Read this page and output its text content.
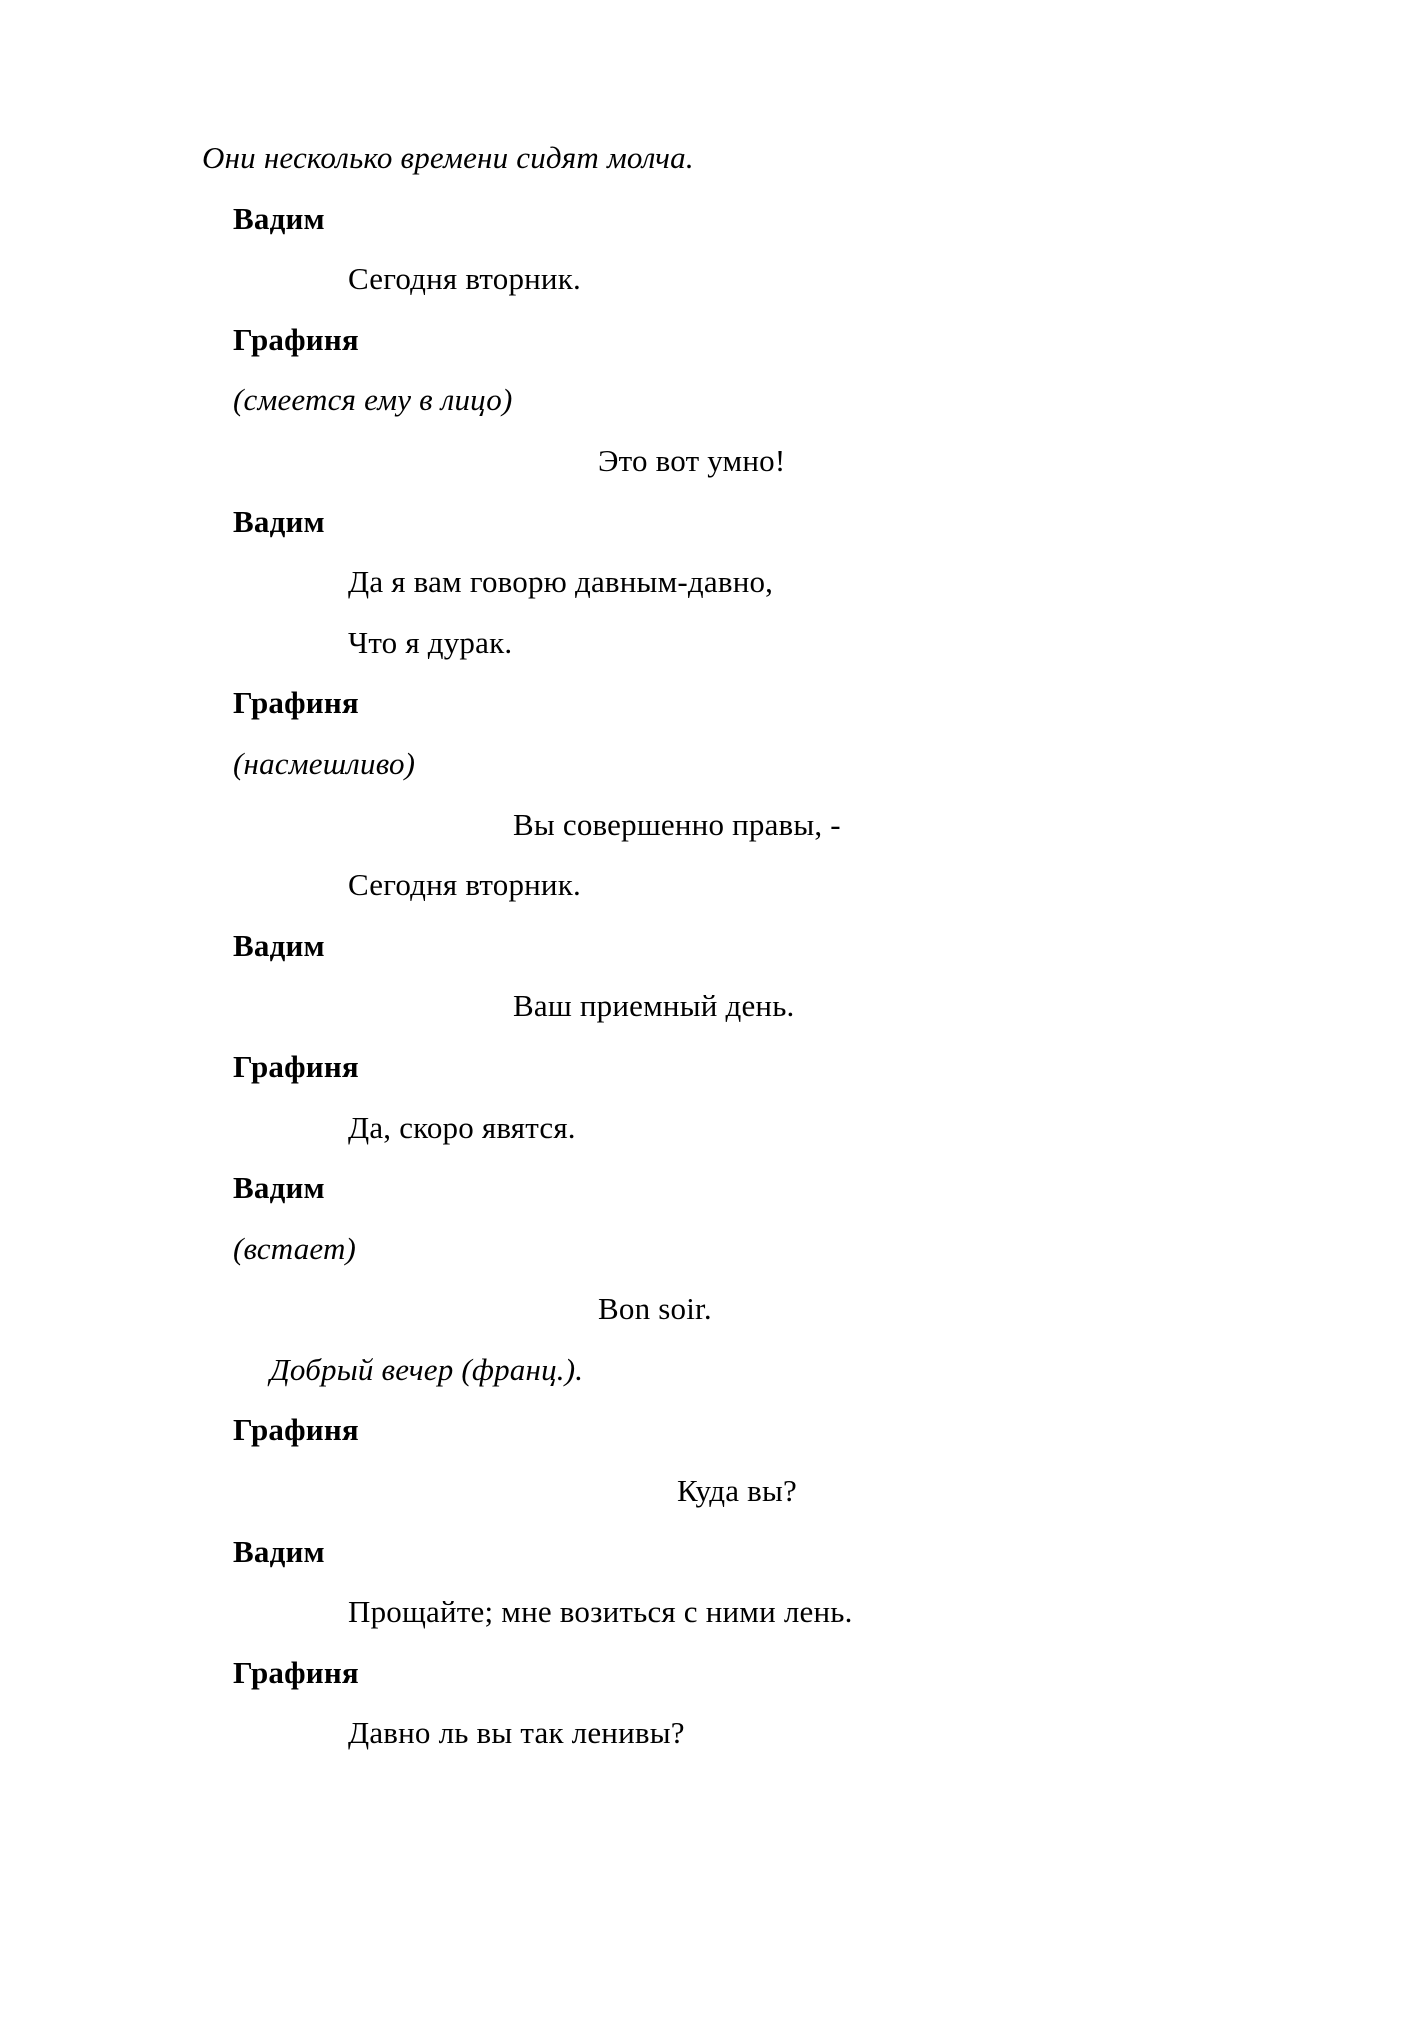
Они несколько времени сидят молча.
Вадим
Сегодня вторник.
Графиня
(смеется ему в лицо)
Это вот умно!
Вадим
Да я вам говорю давным-давно,
Что я дурак.
Графиня
(насмешливо)
Вы совершенно правы, -
Сегодня вторник.
Вадим
Ваш приемный день.
Графиня
Да, скоро явятся.
Вадим
(встает)
Bon soir.
Добрый вечер (франц.).
Графиня
Куда вы?
Вадим
Прощайте; мне возиться с ними лень.
Графиня
Давно ль вы так ленивы?
